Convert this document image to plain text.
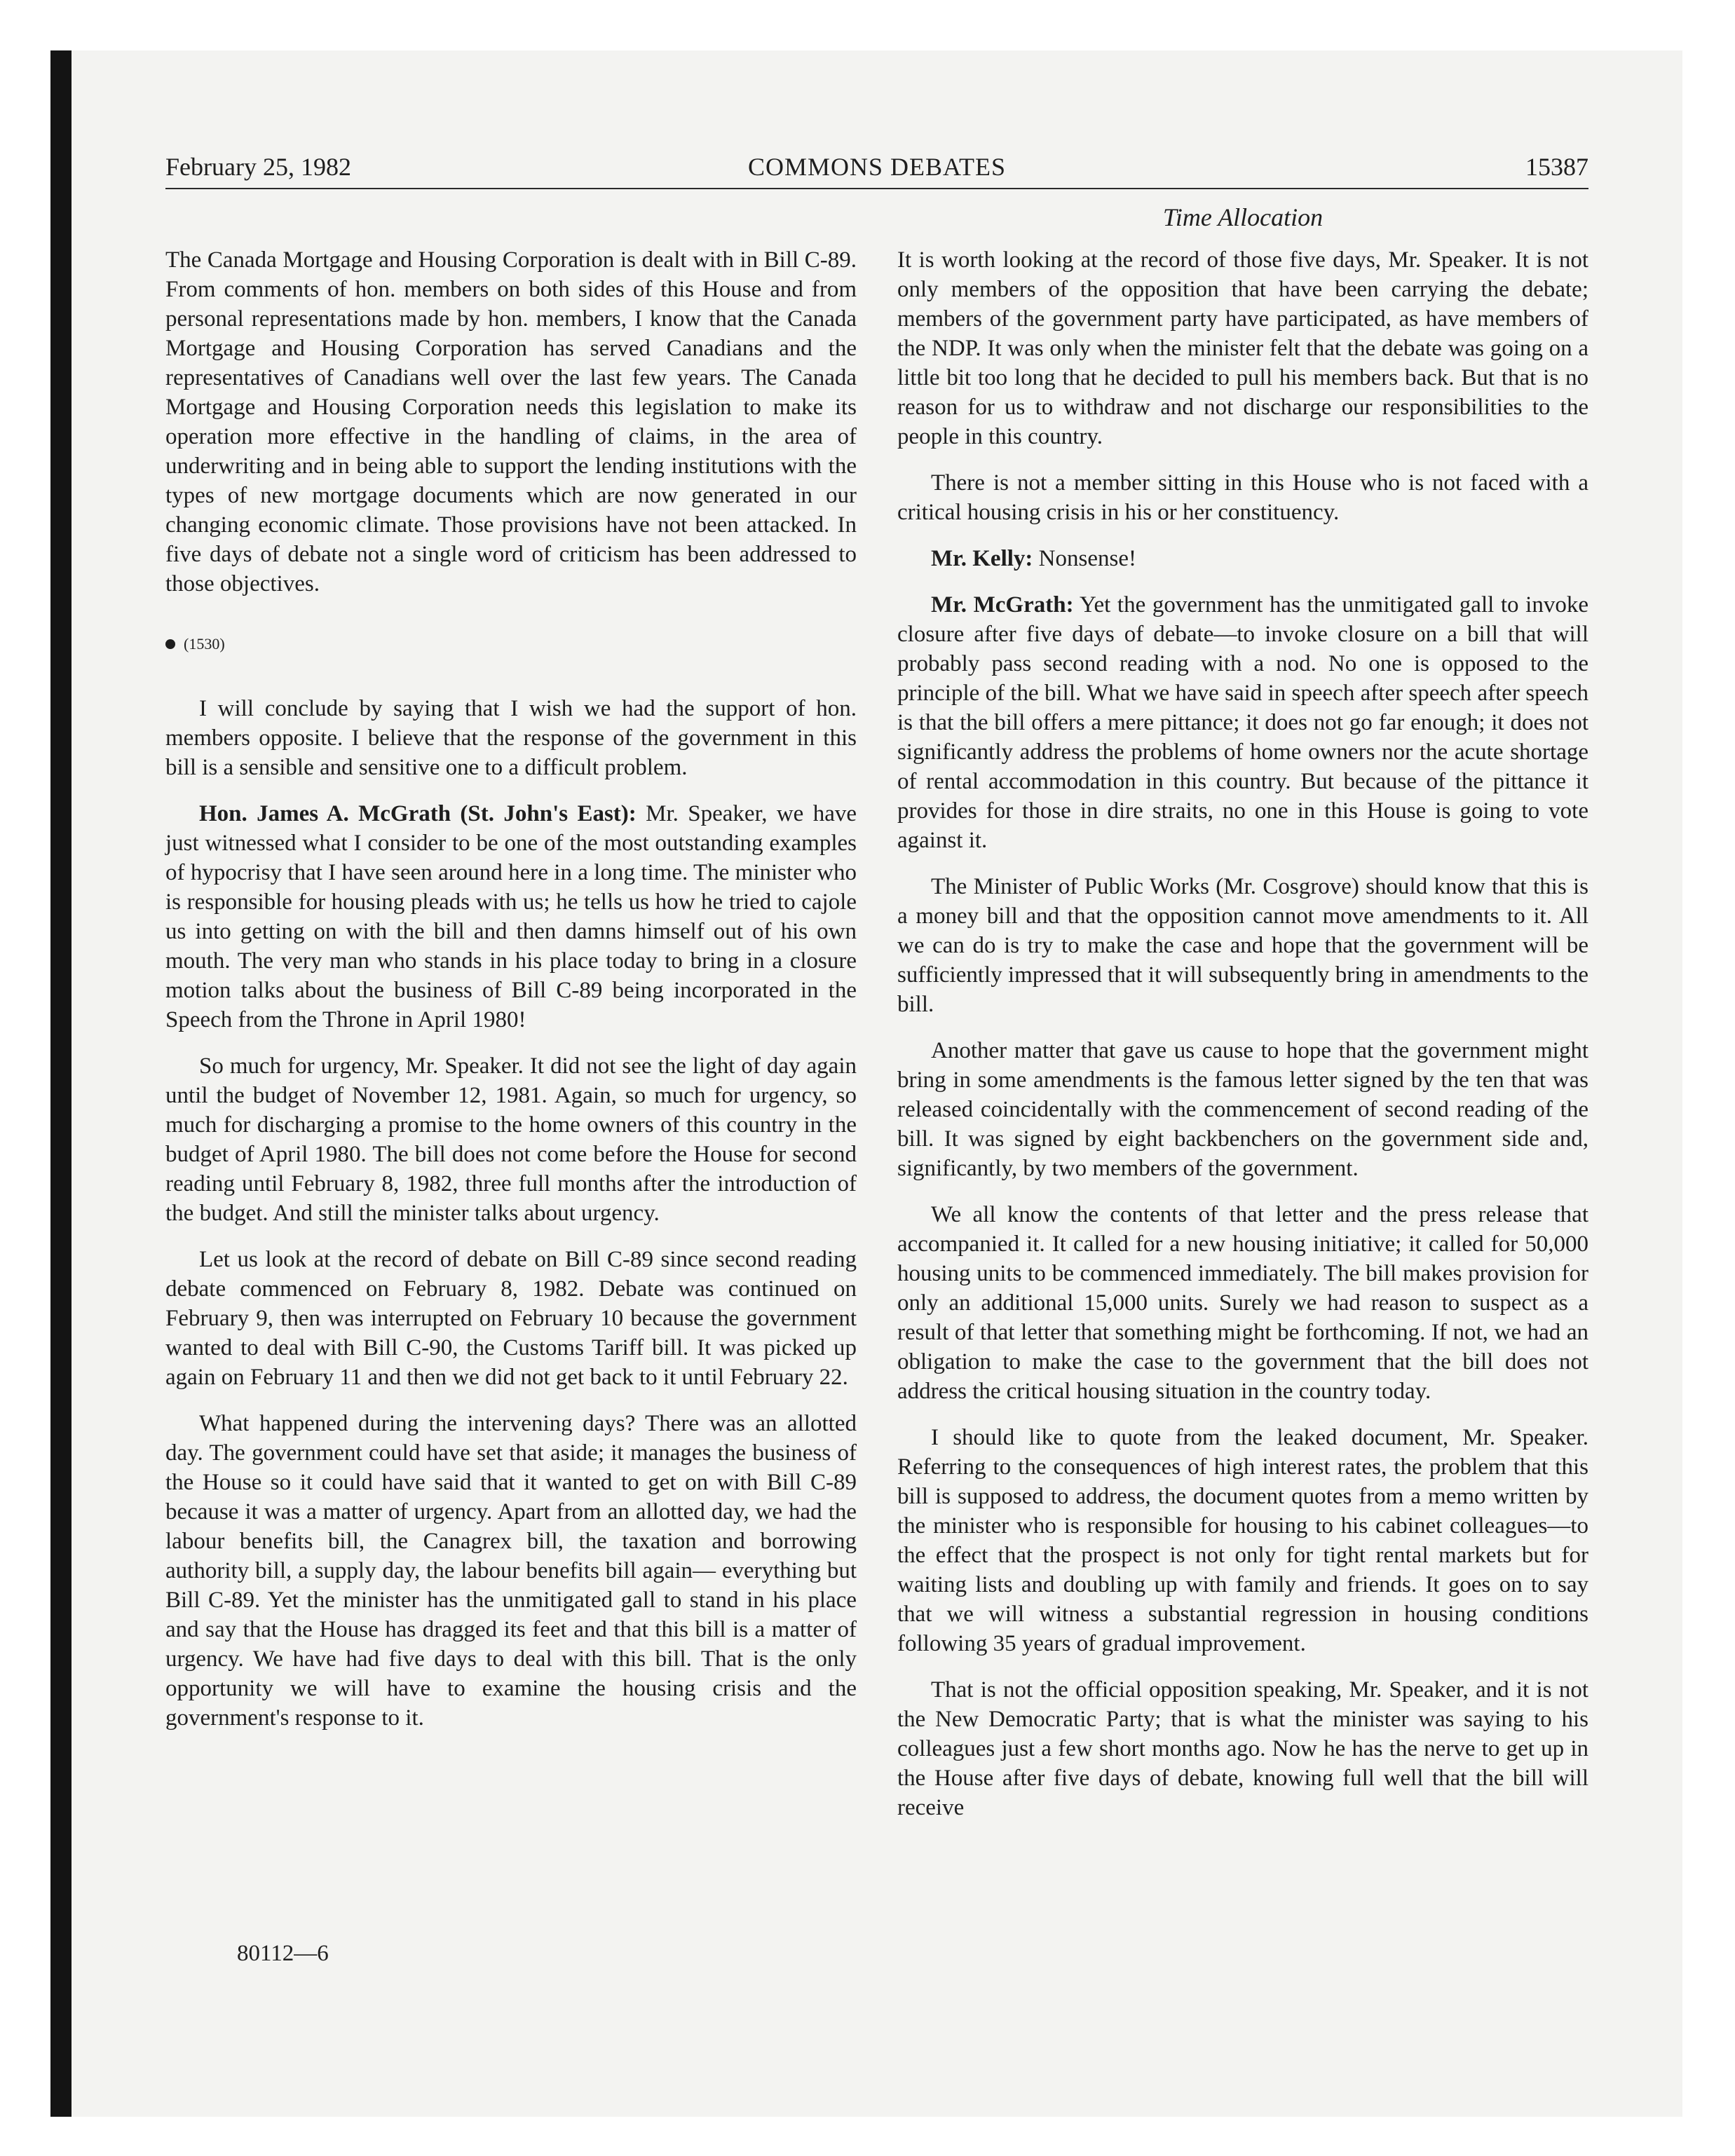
February 25, 1982	COMMONS DEBATES	15387
Time Allocation

The Canada Mortgage and Housing Corporation is dealt with in Bill C-89. From comments of hon. members on both sides of this House and from personal representations made by hon. members, I know that the Canada Mortgage and Housing Corporation has served Canadians and the representatives of Canadians well over the last few years. The Canada Mortgage and Housing Corporation needs this legislation to make its operation more effective in the handling of claims, in the area of underwriting and in being able to support the lending institutions with the types of new mortgage documents which are now generated in our changing economic climate. Those provisions have not been attacked. In five days of debate not a single word of criticism has been addressed to those objectives.

(1530)

I will conclude by saying that I wish we had the support of hon. members opposite. I believe that the response of the government in this bill is a sensible and sensitive one to a difficult problem.

Hon. James A. McGrath (St. John's East): Mr. Speaker, we have just witnessed what I consider to be one of the most outstanding examples of hypocrisy that I have seen around here in a long time. The minister who is responsible for housing pleads with us; he tells us how he tried to cajole us into getting on with the bill and then damns himself out of his own mouth. The very man who stands in his place today to bring in a closure motion talks about the business of Bill C-89 being incorporated in the Speech from the Throne in April 1980!

So much for urgency, Mr. Speaker. It did not see the light of day again until the budget of November 12, 1981. Again, so much for urgency, so much for discharging a promise to the home owners of this country in the budget of April 1980. The bill does not come before the House for second reading until February 8, 1982, three full months after the introduction of the budget. And still the minister talks about urgency.

Let us look at the record of debate on Bill C-89 since second reading debate commenced on February 8, 1982. Debate was continued on February 9, then was interrupted on February 10 because the government wanted to deal with Bill C-90, the Customs Tariff bill. It was picked up again on February 11 and then we did not get back to it until February 22.

What happened during the intervening days? There was an allotted day. The government could have set that aside; it manages the business of the House so it could have said that it wanted to get on with Bill C-89 because it was a matter of urgency. Apart from an allotted day, we had the labour benefits bill, the Canagrex bill, the taxation and borrowing authority bill, a supply day, the labour benefits bill again— everything but Bill C-89. Yet the minister has the unmitigated gall to stand in his place and say that the House has dragged its feet and that this bill is a matter of urgency. We have had five days to deal with this bill. That is the only opportunity we will have to examine the housing crisis and the government's response to it.

It is worth looking at the record of those five days, Mr. Speaker. It is not only members of the opposition that have been carrying the debate; members of the government party have participated, as have members of the NDP. It was only when the minister felt that the debate was going on a little bit too long that he decided to pull his members back. But that is no reason for us to withdraw and not discharge our responsibilities to the people in this country.

There is not a member sitting in this House who is not faced with a critical housing crisis in his or her constituency.

Mr. Kelly: Nonsense!

Mr. McGrath: Yet the government has the unmitigated gall to invoke closure after five days of debate—to invoke closure on a bill that will probably pass second reading with a nod. No one is opposed to the principle of the bill. What we have said in speech after speech after speech is that the bill offers a mere pittance; it does not go far enough; it does not significantly address the problems of home owners nor the acute shortage of rental accommodation in this country. But because of the pittance it provides for those in dire straits, no one in this House is going to vote against it.

The Minister of Public Works (Mr. Cosgrove) should know that this is a money bill and that the opposition cannot move amendments to it. All we can do is try to make the case and hope that the government will be sufficiently impressed that it will subsequently bring in amendments to the bill.

Another matter that gave us cause to hope that the government might bring in some amendments is the famous letter signed by the ten that was released coincidentally with the commencement of second reading of the bill. It was signed by eight backbenchers on the government side and, significantly, by two members of the government.

We all know the contents of that letter and the press release that accompanied it. It called for a new housing initiative; it called for 50,000 housing units to be commenced immediately. The bill makes provision for only an additional 15,000 units. Surely we had reason to suspect as a result of that letter that something might be forthcoming. If not, we had an obligation to make the case to the government that the bill does not address the critical housing situation in the country today.

I should like to quote from the leaked document, Mr. Speaker. Referring to the consequences of high interest rates, the problem that this bill is supposed to address, the document quotes from a memo written by the minister who is responsible for housing to his cabinet colleagues—to the effect that the prospect is not only for tight rental markets but for waiting lists and doubling up with family and friends. It goes on to say that we will witness a substantial regression in housing conditions following 35 years of gradual improvement.

That is not the official opposition speaking, Mr. Speaker, and it is not the New Democratic Party; that is what the minister was saying to his colleagues just a few short months ago. Now he has the nerve to get up in the House after five days of debate, knowing full well that the bill will receive

80112—6
